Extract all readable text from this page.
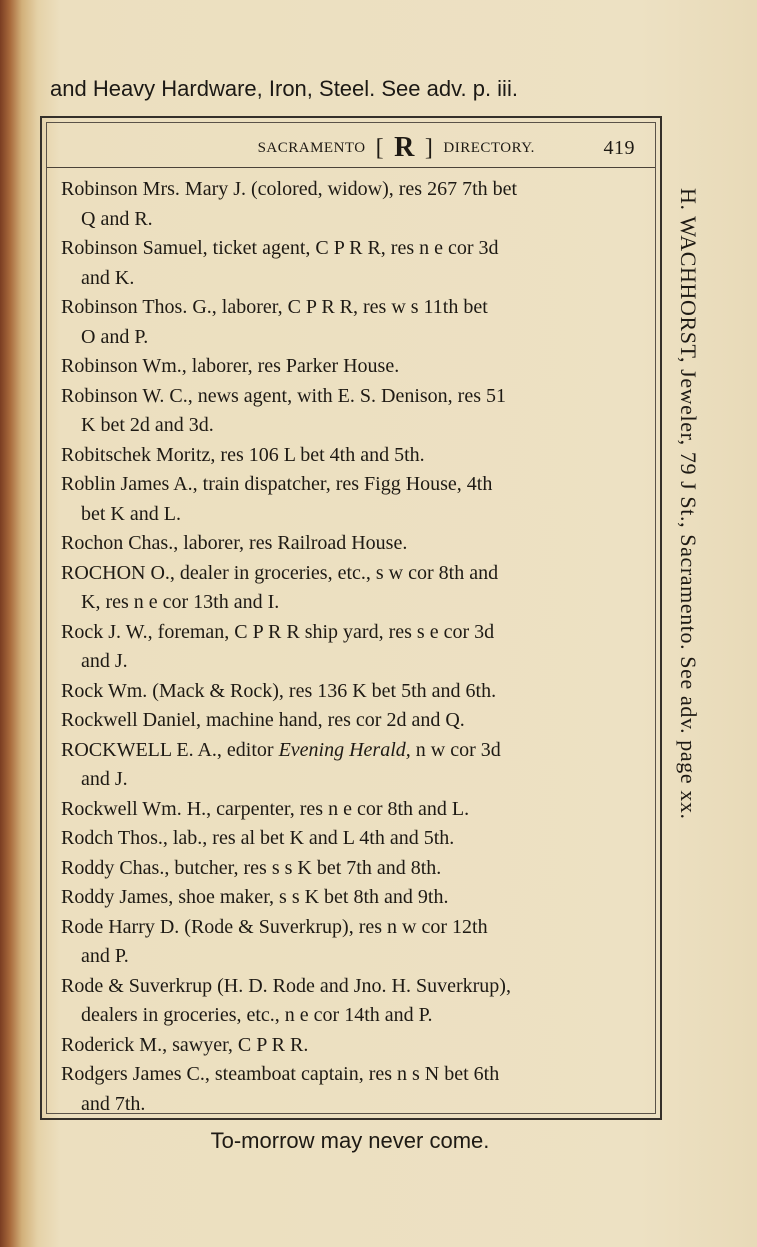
and Heavy Hardware, Iron, Steel. See adv. p. iii.
SACRAMENTO [ R ] DIRECTORY.	419
Robinson Mrs. Mary J. (colored, widow), res 267 7th bet
Q and R.
Robinson Samuel, ticket agent, C P R R, res n e cor 3d
and K.
Robinson Thos. G., laborer, C P R R, res w s 11th bet
O and P.
Robinson Wm., laborer, res Parker House.
Robinson W. C., news agent, with E. S. Denison, res 51
K bet 2d and 3d.
Robitschek Moritz, res 106 L bet 4th and 5th.
Roblin James A., train dispatcher, res Figg House, 4th
bet K and L.
Rochon Chas., laborer, res Railroad House.
ROCHON O., dealer in groceries, etc., s w cor 8th and
K, res n e cor 13th and I.
Rock J. W., foreman, C P R R ship yard, res s e cor 3d
and J.
Rock Wm. (Mack & Rock), res 136 K bet 5th and 6th.
Rockwell Daniel, machine hand, res cor 2d and Q.
ROCKWELL E. A., editor Evening Herald, n w cor 3d
and J.
Rockwell Wm. H., carpenter, res n e cor 8th and L.
Rodch Thos., lab., res al bet K and L 4th and 5th.
Roddy Chas., butcher, res s s K bet 7th and 8th.
Roddy James, shoe maker, s s K bet 8th and 9th.
Rode Harry D. (Rode & Suverkrup), res n w cor 12th
and P.
Rode & Suverkrup (H. D. Rode and Jno. H. Suverkrup),
dealers in groceries, etc., n e cor 14th and P.
Roderick M., sawyer, C P R R.
Rodgers James C., steamboat captain, res n s N bet 6th
and 7th.
To-morrow may never come.
H. WACHHORST, Jeweler, 79 J St., Sacramento. See adv. page xx.
